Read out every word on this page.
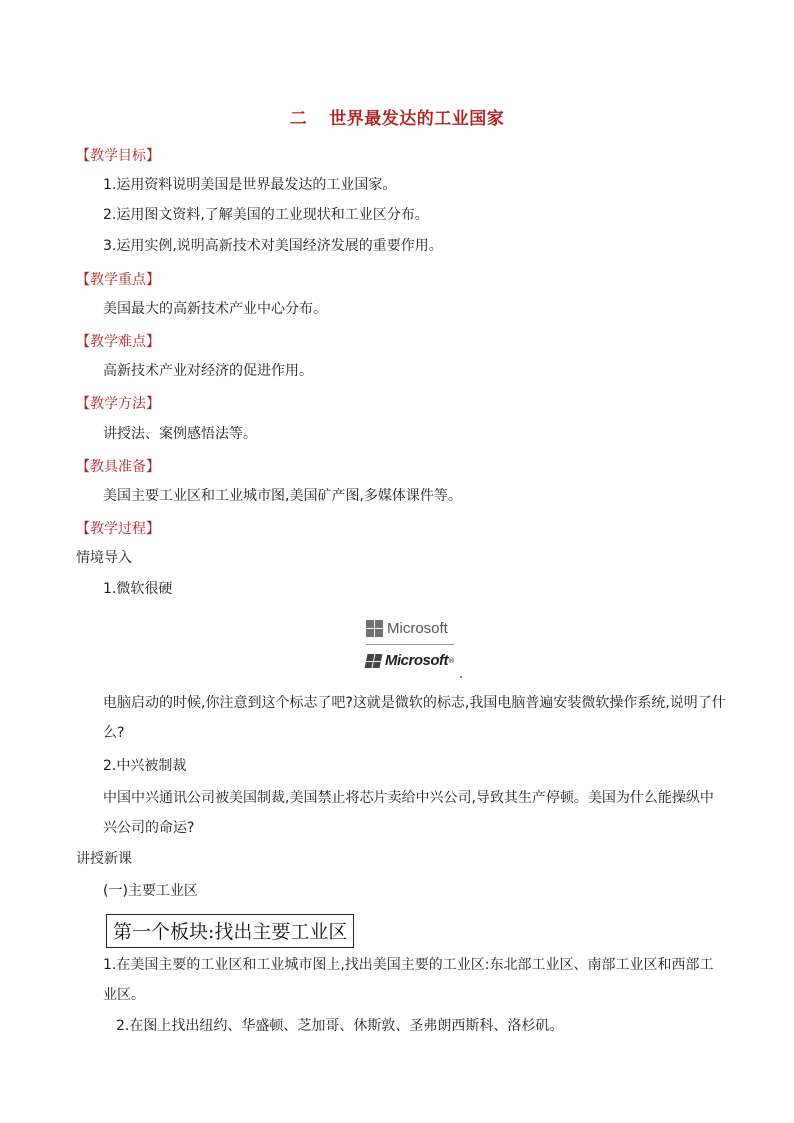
二 世界最发达的工业国家
【教学目标】
1.运用资料说明美国是世界最发达的工业国家。
2.运用图文资料,了解美国的工业现状和工业区分布。
3.运用实例,说明高新技术对美国经济发展的重要作用。
【教学重点】
美国最大的高新技术产业中心分布。
【教学难点】
高新技术产业对经济的促进作用。
【教学方法】
讲授法、案例感悟法等。
【教具准备】
美国主要工业区和工业城市图,美国矿产图,多媒体课件等。
【教学过程】
情境导入
1.微软很硬
Microsoft
Microsoft ®
电脑启动的时候,你注意到这个标志了吧?这就是微软的标志,我国电脑普遍安装微软操作系统,说明了什么?
2.中兴被制裁
中国中兴通讯公司被美国制裁,美国禁止将芯片卖给中兴公司,导致其生产停顿。美国为什么能操纵中兴公司的命运?
讲授新课
(一)主要工业区
第一个板块:找出主要工业区
1.在美国主要的工业区和工业城市图上,找出美国主要的工业区:东北部工业区、南部工业区和西部工业区。
2.在图上找出纽约、华盛顿、芝加哥、休斯敦、圣弗朗西斯科、洛杉矶。
